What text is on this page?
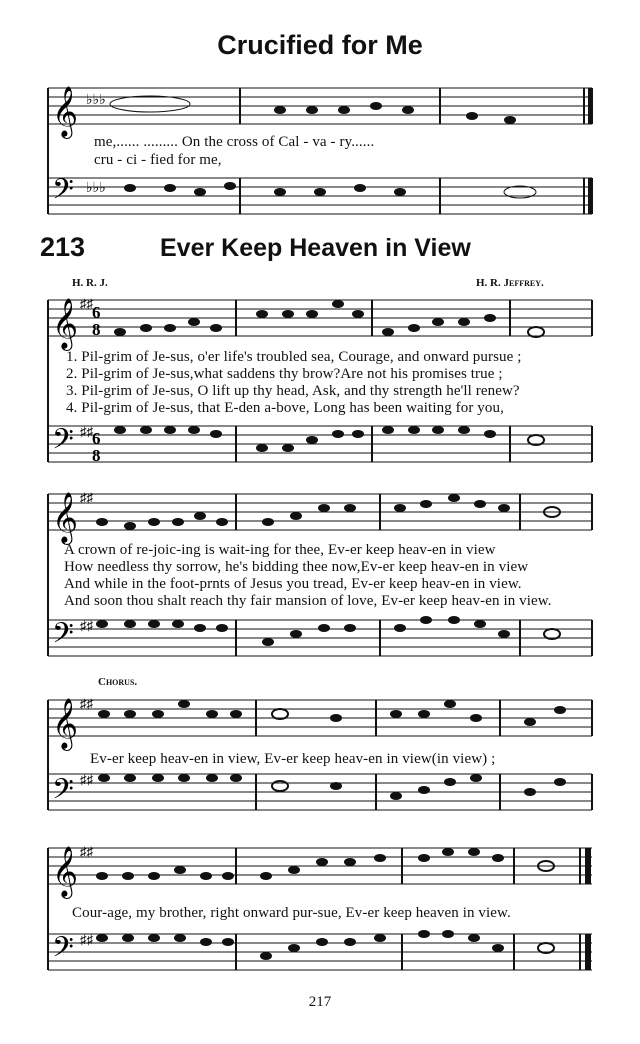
Crucified for Me
𝄞
𝄢
♭♭♭
♭♭♭
me,...... ......... On the cross of Cal - va - ry......
cru - ci - fied for me,
213	Ever Keep Heaven in View
H. R. J.	H. R. Jeffrey.
𝄞
𝄢
♯♯
♯♯
6
8
6
8
1. Pil-grim of Je-sus, o'er life's troubled sea, Courage, and onward pursue ;
2. Pil-grim of Je-sus,what saddens thy brow?Are not his promises true ;
3. Pil-grim of Je-sus, O lift up thy head, Ask, and thy strength he'll renew?
4. Pil-grim of Je-sus, that E-den a-bove, Long has been waiting for you,
𝄞
𝄢
♯♯
♯♯
A crown of re-joic-ing is wait-ing for thee, Ev-er keep heav-en in view
How needless thy sorrow, he's bidding thee now,Ev-er keep heav-en in view
And while in the foot-prnts of Jesus you tread, Ev-er keep heav-en in view.
And soon thou shalt reach thy fair mansion of love, Ev-er keep heav-en in view.
Chorus.
𝄞
𝄢
♯♯
♯♯
Ev-er keep heav-en in view, Ev-er keep heav-en in view(in view) ;
𝄞
𝄢
♯♯
♯♯
Cour-age, my brother, right onward pur-sue, Ev-er keep heaven in view.
217
